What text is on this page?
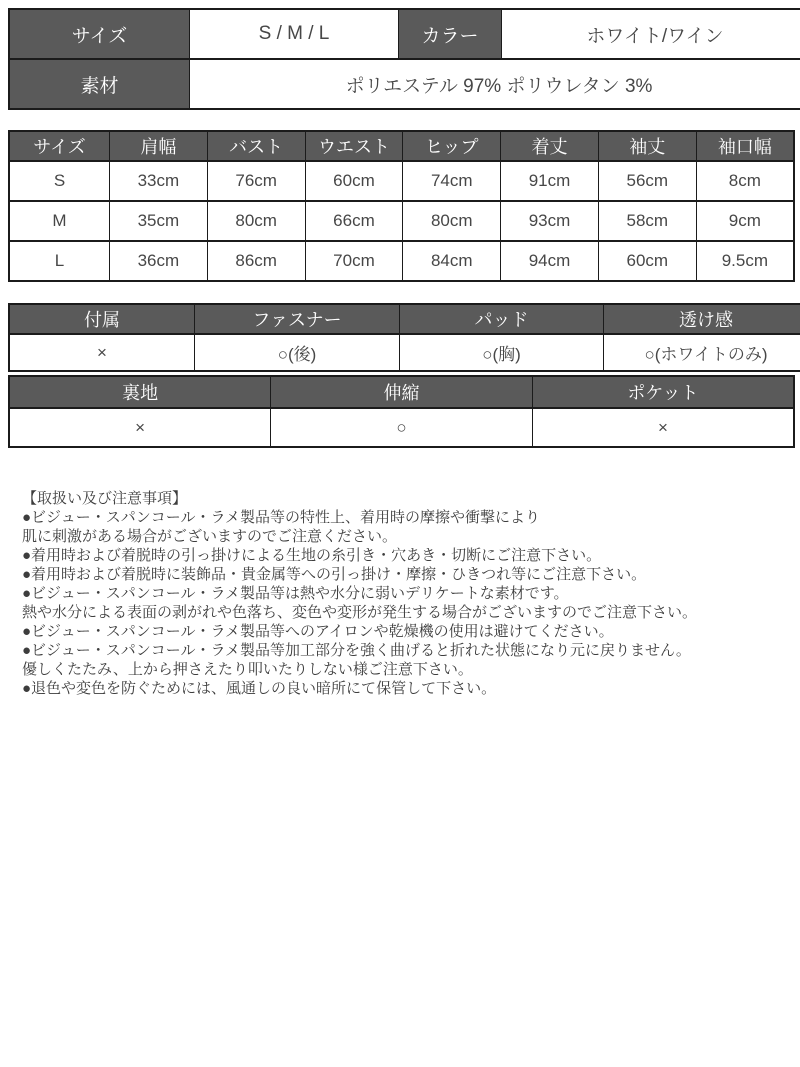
サイズ	S / M / L	カラー	ホワイト/ワイン
素材	ポリエステル 97% ポリウレタン 3%		
サイズ	肩幅	バスト	ウエスト	ヒップ	着丈	袖丈	袖口幅
S	33cm	76cm	60cm	74cm	91cm	56cm	8cm
M	35cm	80cm	66cm	80cm	93cm	58cm	9cm
L	36cm	86cm	70cm	84cm	94cm	60cm	9.5cm
付属	ファスナー	パッド	透け感
×	○(後)	○(胸)	○(ホワイトのみ)
裏地	伸縮	ポケット
×	○	×
【取扱い及び注意事項】
●ビジュー・スパンコール・ラメ製品等の特性上、着用時の摩擦や衝撃により
肌に刺激がある場合がございますのでご注意ください。
●着用時および着脱時の引っ掛けによる生地の糸引き・穴あき・切断にご注意下さい。
●着用時および着脱時に装飾品・貴金属等への引っ掛け・摩擦・ひきつれ等にご注意下さい。
●ビジュー・スパンコール・ラメ製品等は熱や水分に弱いデリケートな素材です。
熱や水分による表面の剥がれや色落ち、変色や変形が発生する場合がございますのでご注意下さい。
●ビジュー・スパンコール・ラメ製品等へのアイロンや乾燥機の使用は避けてください。
●ビジュー・スパンコール・ラメ製品等加工部分を強く曲げると折れた状態になり元に戻りません。
優しくたたみ、上から押さえたり叩いたりしない様ご注意下さい。
●退色や変色を防ぐためには、風通しの良い暗所にて保管して下さい。
